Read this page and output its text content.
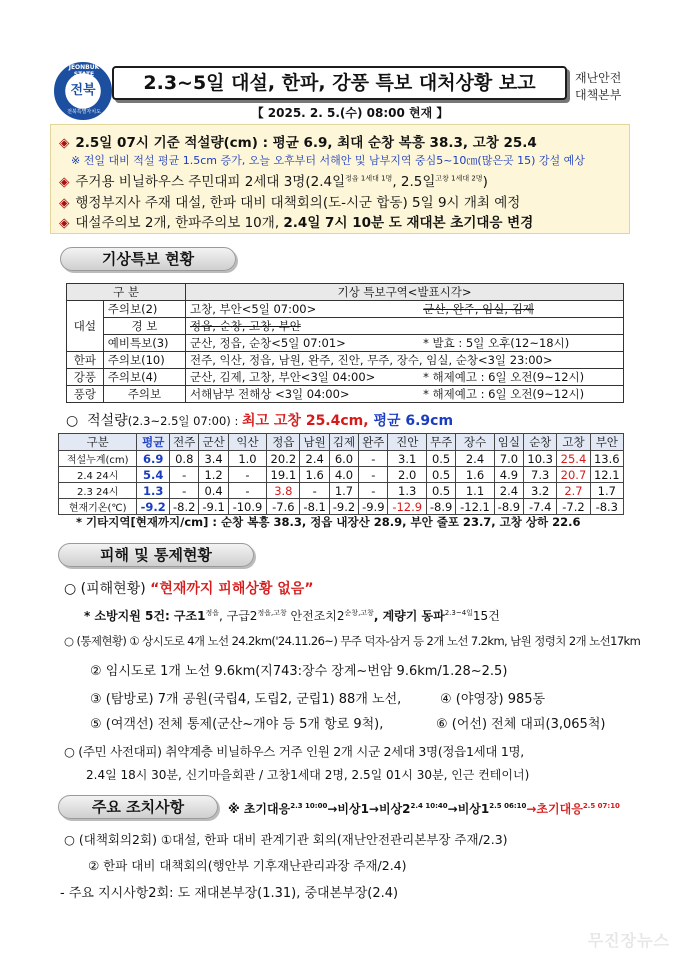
JEONBUK STATE
전북
전북특별자치도
2.3~5일 대설, 한파, 강풍 특보 대처상황 보고	재난안전
대책본부
【 2025. 2. 5.(수) 08:00 현재 】
◈ 2.5일 07시 기준 적설량(cm) : 평균 6.9, 최대 순창 복흥 38.3, 고창 25.4
※ 전일 대비 적설 평균 1.5cm 증가, 오늘 오후부터 서해안 및 남부지역 중심5~10㎝(많은곳 15) 강설 예상
◈ 주거용 비닐하우스 주민대피 2세대 3명(2.4일$^{정읍 1세대 1명}$, 2.5일$^{고창 1세대 2명}$)
◈ 행정부지사 주재 대설, 한파 대비 대책회의(도-시군 합동) 5일 9시 개최 예정
◈ 대설주의보 2개, 한파주의보 10개, 2.4일 7시 10분 도 재대본 초기대응 변경
기상특보 현황
구 분		기상 특보구역<발표시각>	
대설	주의보(2)	고창, 부안<5일 07:00>	군산, 완주, 임실, 김제
	경 보	정읍, 순창, 고창, 부안	
	예비특보(3)	군산, 정읍, 순창<5일 07:01>	* 발효 : 5일 오후(12~18시)
한파	주의보(10)	전주, 익산, 정읍, 남원, 완주, 진안, 무주, 장수, 임실, 순창<3일 23:00>	
강풍	주의보(4)	군산, 김제, 고창, 부안<3일 04:00>	* 해제예고 : 6일 오전(9~12시)
풍랑	주의보	서해남부 전해상 <3일 04:00>	* 해제예고 : 6일 오전(9~12시)
○  적설량(2.3~2.5일 07:00) : 최고 고창 25.4cm, 평균 6.9cm
구분	평균	전주	군산	익산	정읍	남원	김제	완주	진안	무주	장수	임실	순창	고창	부안
적설누계(cm)	6.9	0.8	3.4	1.0	20.2	2.4	6.0	-	3.1	0.5	2.4	7.0	10.3	25.4	13.6
2.4 24시	5.4	-	1.2	-	19.1	1.6	4.0	-	2.0	0.5	1.6	4.9	7.3	20.7	12.1
2.3 24시	1.3	-	0.4	-	3.8	-	1.7	-	1.3	0.5	1.1	2.4	3.2	2.7	1.7
현재기온(℃)	-9.2	-8.2	-9.1	-10.9	-7.6	-8.1	-9.2	-9.9	-12.9	-8.9	-12.1	-8.9	-7.4	-7.2	-8.3
* 기타지역[현재까지/cm] : 순창 복흥 38.3, 정읍 내장산 28.9, 부안 줄포 23.7, 고창 상하 22.6
피해 및 통제현황
○ (피해현황) “현재까지 피해상황 없음”
* 소방지원 5건: 구조$1^{정읍}$, 구급$2^{정읍,고창}$ 안전조치$2^{순창,고창}$, 계량기 동파$^{2.3\sim 4일}$15건
○ (통제현황) ① 상시도로 4개 노선 24.2km('24.11.26~) 무주 덕자-삼거 등 2개 노선 7.2km, 남원 정령치 2개 노선17km
② 임시도로 1개 노선 9.6km(지743:장수 장계~번암 9.6km/1.28~2.5)
③ (탐방로) 7개 공원(국립4, 도립2, 군립1) 88개 노선,	④ (야영장) 985동
⑤ (여객선) 전체 통제(군산~개야 등 5개 항로 9척),	⑥ (어선) 전체 대피(3,065척)
○ (주민 사전대피) 취약계층 비닐하우스 거주 인원 2개 시군 2세대 3명(정읍1세대 1명,
2.4일 18시 30분, 신기마을회관 / 고창1세대 2명, 2.5일 01시 30분, 인근 컨테이너)
주요 조치사항	※ 초기대응$^{2.3 10:00}$→비상1→비상$2^{2.4 10:40}\to$비상$1^{2.5 06:10}\to$초기대응$^{2.5 07:10}$
○ (대책회의2회) ①대설, 한파 대비 관계기관 회의(재난안전관리본부장 주재/2.3)
② 한파 대비 대책회의(행안부 기후재난관리과장 주재/2.4)
- 주요 지시사항2회: 도 재대본부장(1.31), 중대본부장(2.4)
무진장뉴스
